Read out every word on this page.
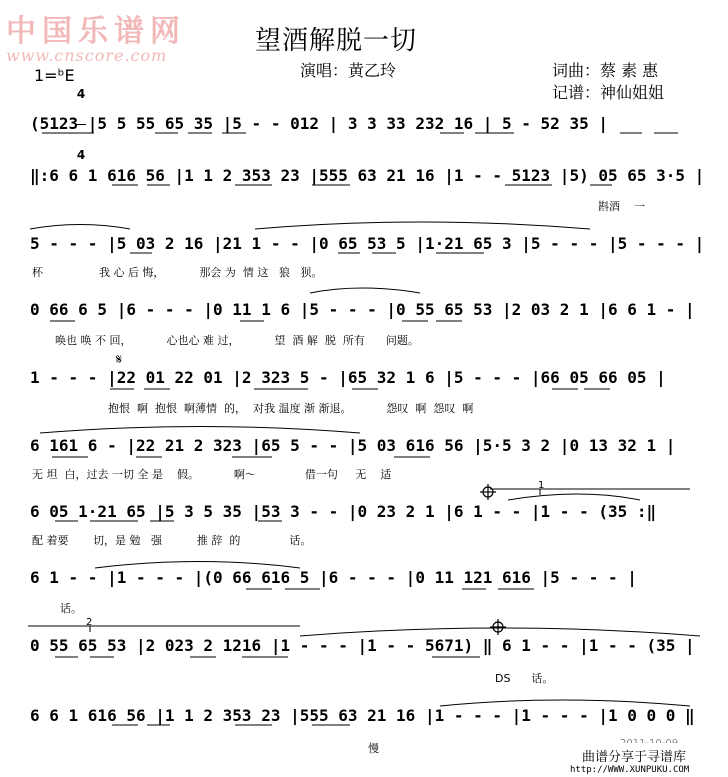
中国乐谱网
www.cnscore.com	望酒解脱一切
演唱：黄乙玲	词曲：蔡 素 惠
记谱：神仙姐姐
1=ᵇE

4

4

𝄋
1
2
(5123 |5 5 55 65 35 |5 - - 012 | 3 3 33 232 16 | 5 - 52 35 |
‖:6 6 1 616 56 |1 1 2 353 23 |555 63 21 16 |1 - - 5123 |5) 05 65 3·5 |
斟酒    一
5 - - - |5 03 2 16 |21 1 - - |0 65 53 5 |1·21 65 3 |5 - - - |5 - - - |
杯                我 心 后 悔，          那会 为  情 这   狼   狈。
0 66 6 5 |6 - - - |0 11 1 6 |5 - - - |0 55 65 53 |2 03 2 1 |6 6 1 - |
唤也 唤 不 回，          心也心 难 过，          望  酒 解  脱  所有      问题。
1 - - - |22 01 22 01 |2 323 5 - |65 32 1 6 |5 - - - |66 05 66 05 |
抱恨  啊  抱恨  啊薄情  的，  对我 温度 渐 渐退。          怨叹  啊  怨叹  啊
6 161 6 - |22 21 2 323 |65 5 - - |5 03 616 56 |5·5 3 2 |0 13 32 1 |
无 坦  白，过去 一切 全 是    假。          啊～              借一句     无    适
6 05 1·21 65 |5 3 5 35 |53 3 - - |0 23 2 1 |6 1 - - |1 - - (35 :‖
配 着要       切，是 勉   强          推 辞  的              话。
6 1 - - |1 - - - |(0 66 616 5 |6 - - - |0 11 121 616 |5 - - - |
话。
0 55 65 53 |2 023 2 1216 |1 - - - |1 - - 5671) ‖ 6 1 - - |1 - - (35 |
DS      话。
6 6 1 616 56 |1 1 2 353 23 |555 63 21 16 |1 - - - |1 - - - |1 0 0 0 ‖
慢
曲谱分享于寻谱库
http://WWW.XUNPUKU.COM
